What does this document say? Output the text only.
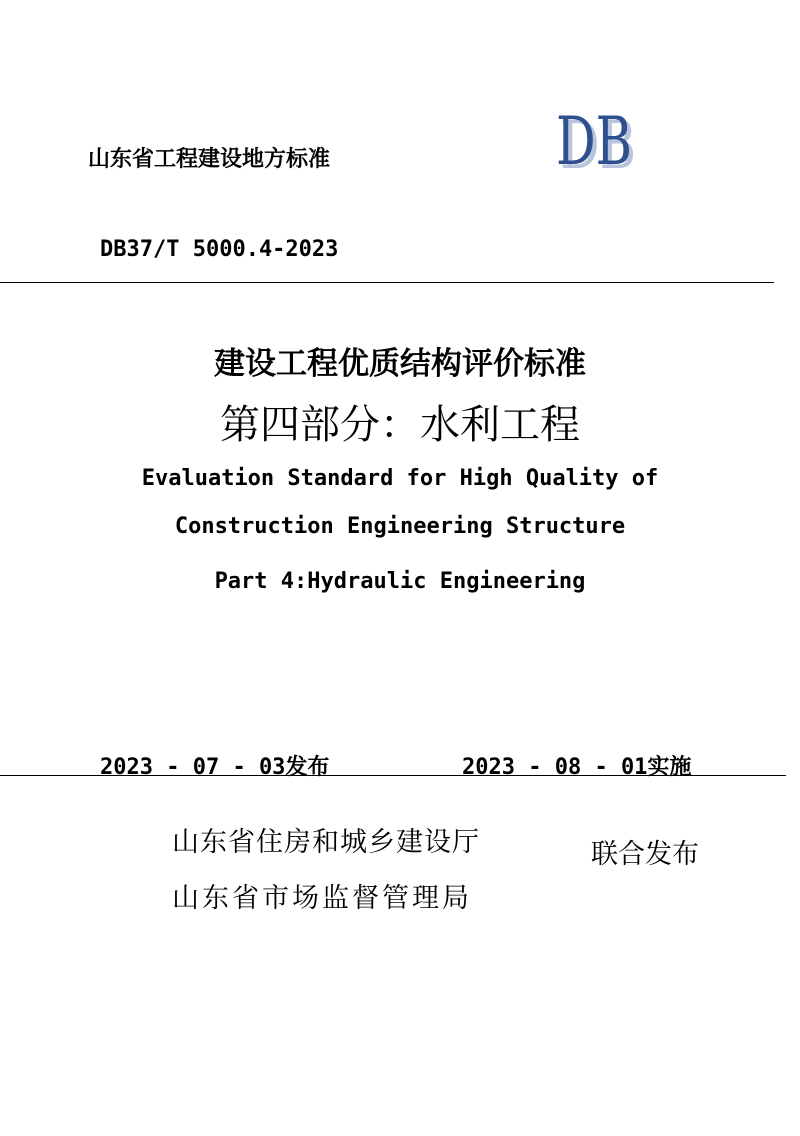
山东省工程建设地方标准	DB
DB
DB37/T 5000.4-2023
建设工程优质结构评价标准
第四部分：水利工程
Evaluation Standard for High Quality of
Construction Engineering Structure
Part 4:Hydraulic Engineering
2023 - 07 - 03发布	2023 - 08 - 01实施
山东省住房和城乡建设厅
山东省市场监督管理局
联合发布
